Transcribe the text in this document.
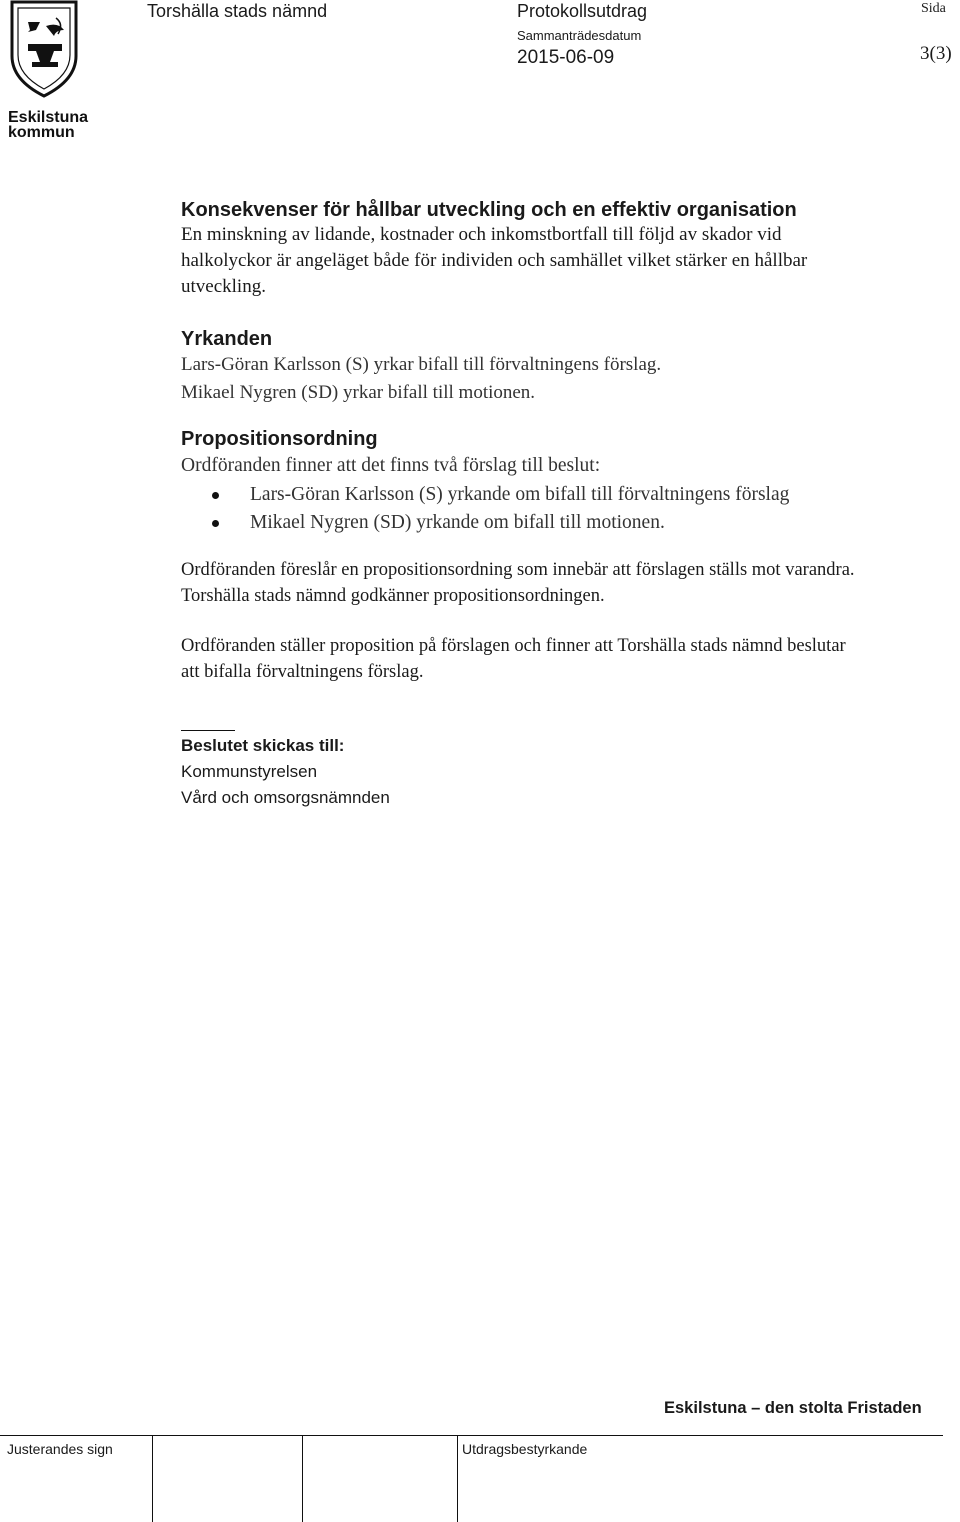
Eskilstuna
kommun
Torshälla stads nämnd	Protokollsutdrag
Sammanträdesdatum
2015-06-09
Sida
3(3)
Konsekvenser för hållbar utveckling och en effektiv organisation

En minskning av lidande, kostnader och inkomstbortfall till följd av skador vid

halkolyckor är angeläget både för individen och samhället vilket stärker en hållbar

utveckling.

Yrkanden

Lars-Göran Karlsson (S) yrkar bifall till förvaltningens förslag.

Mikael Nygren (SD) yrkar bifall till motionen.

Propositionsordning

Ordföranden finner att det finns två förslag till beslut:

Lars-Göran Karlsson (S) yrkande om bifall till förvaltningens förslag
Mikael Nygren (SD) yrkande om bifall till motionen.

Ordföranden föreslår en propositionsordning som innebär att förslagen ställs mot varandra.

Torshälla stads nämnd godkänner propositionsordningen.

Ordföranden ställer proposition på förslagen och finner att Torshälla stads nämnd beslutar

att bifalla förvaltningens förslag.

Beslutet skickas till:

Kommunstyrelsen

Vård och omsorgsnämnden

Eskilstuna – den stolta Fristaden
Justerandes sign	Utdragsbestyrkande
